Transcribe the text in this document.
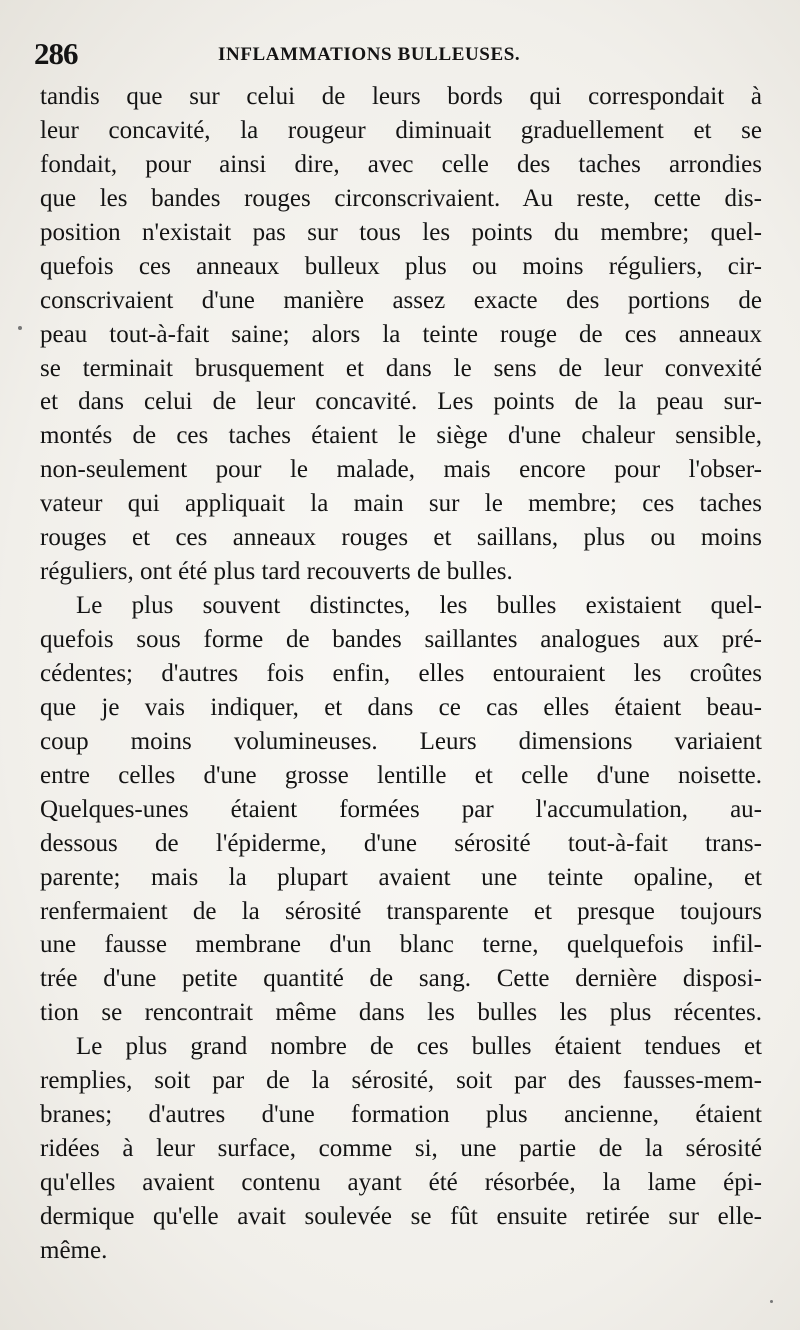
286	INFLAMMATIONS BULLEUSES.
tandis que sur celui de leurs bords qui correspondait à
leur concavité, la rougeur diminuait graduellement et se
fondait, pour ainsi dire, avec celle des taches arrondies
que les bandes rouges circonscrivaient. Au reste, cette dis-
position n'existait pas sur tous les points du membre; quel-
quefois ces anneaux bulleux plus ou moins réguliers, cir-
conscrivaient d'une manière assez exacte des portions de
peau tout-à-fait saine; alors la teinte rouge de ces anneaux
se terminait brusquement et dans le sens de leur convexité
et dans celui de leur concavité. Les points de la peau sur-
montés de ces taches étaient le siège d'une chaleur sensible,
non-seulement pour le malade, mais encore pour l'obser-
vateur qui appliquait la main sur le membre; ces taches
rouges et ces anneaux rouges et saillans, plus ou moins
réguliers, ont été plus tard recouverts de bulles.
Le plus souvent distinctes, les bulles existaient quel-
quefois sous forme de bandes saillantes analogues aux pré-
cédentes; d'autres fois enfin, elles entouraient les croûtes
que je vais indiquer, et dans ce cas elles étaient beau-
coup moins volumineuses. Leurs dimensions variaient
entre celles d'une grosse lentille et celle d'une noisette.
Quelques-unes étaient formées par l'accumulation, au-
dessous de l'épiderme, d'une sérosité tout-à-fait trans-
parente; mais la plupart avaient une teinte opaline, et
renfermaient de la sérosité transparente et presque toujours
une fausse membrane d'un blanc terne, quelquefois infil-
trée d'une petite quantité de sang. Cette dernière disposi-
tion se rencontrait même dans les bulles les plus récentes.
Le plus grand nombre de ces bulles étaient tendues et
remplies, soit par de la sérosité, soit par des fausses-mem-
branes; d'autres d'une formation plus ancienne, étaient
ridées à leur surface, comme si, une partie de la sérosité
qu'elles avaient contenu ayant été résorbée, la lame épi-
dermique qu'elle avait soulevée se fût ensuite retirée sur elle-
même.
